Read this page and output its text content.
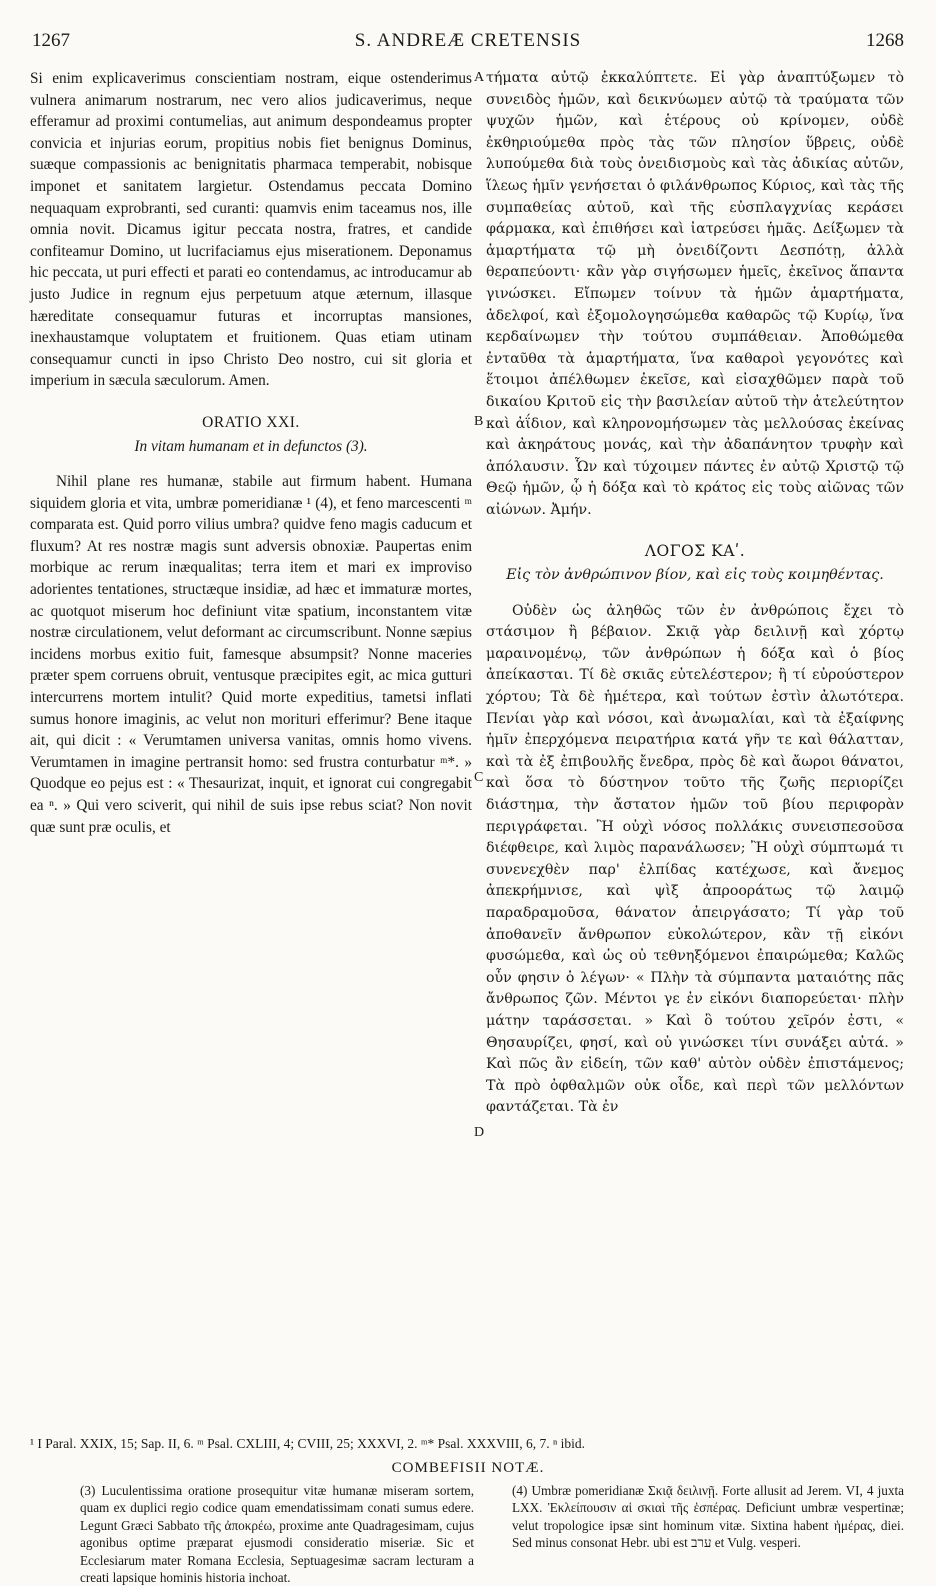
1267	S. ANDREÆ CRETENSIS	1268

Si enim explicaverimus conscientiam nostram, eique ostenderimus vulnera animarum nostrarum, nec vero alios judicaverimus, neque efferamur ad proximi contumelias, aut animum despondeamus propter convicia et injurias eorum, propitius nobis fiet benignus Dominus, suæque compassionis ac benignitatis pharmaca temperabit, nobisque imponet et sanitatem largietur. Ostendamus peccata Domino nequaquam exprobranti, sed curanti: quamvis enim taceamus nos, ille omnia novit. Dicamus igitur peccata nostra, fratres, et candide confiteamur Domino, ut lucrifaciamus ejus miserationem. Deponamus hic peccata, ut puri effecti et parati eo contendamus, ac introducamur ab justo Judice in regnum ejus perpetuum atque æternum, illasque hæreditate consequamur futuras et incorruptas mansiones, inexhaustamque voluptatem et fruitionem. Quas etiam utinam consequamur cuncti in ipso Christo Deo nostro, cui sit gloria et imperium in sæcula sæculorum. Amen.

ORATIO XXI.
In vitam humanam et in defunctos (3).

Nihil plane res humanæ, stabile aut firmum habent. Humana siquidem gloria et vita, umbræ pomeridianæ ¹ (4), et feno marcescenti ᵐ comparata est. Quid porro vilius umbra? quidve feno magis caducum et fluxum? At res nostræ magis sunt adversis obnoxiæ. Paupertas enim morbique ac rerum inæqualitas; terra item et mari ex improviso adorientes tentationes, structæque insidiæ, ad hæc et immaturæ mortes, ac quotquot miserum hoc definiunt vitæ spatium, inconstantem vitæ nostræ circulationem, velut deformant ac circumscribunt. Nonne sæpius incidens morbus exitio fuit, famesque absumpsit? Nonne maceries præter spem corruens obruit, ventusque præcipites egit, ac mica gutturi intercurrens mortem intulit? Quid morte expeditius, tametsi inflati sumus honore imaginis, ac velut non morituri efferimur? Bene itaque ait, qui dicit : « Verumtamen universa vanitas, omnis homo vivens. Verumtamen in imagine pertransit homo: sed frustra conturbatur ᵐ*. » Quodque eo pejus est : « Thesaurizat, inquit, et ignorat cui congregabit ea ⁿ. » Qui vero sciverit, qui nihil de suis ipse rebus sciat? Non novit quæ sunt præ oculis, et

A
B
C
D

τήματα αὐτῷ ἐκκαλύπτετε. Εἰ γὰρ ἀναπτύξωμεν τὸ συνειδὸς ἡμῶν, καὶ δεικνύωμεν αὐτῷ τὰ τραύματα τῶν ψυχῶν ἡμῶν, καὶ ἑτέρους οὐ κρίνομεν, οὐδὲ ἐκθηριούμεθα πρὸς τὰς τῶν πλησίον ὕβρεις, οὐδὲ λυπούμεθα διὰ τοὺς ὀνειδισμοὺς καὶ τὰς ἀδικίας αὐτῶν, ἵλεως ἡμῖν γενήσεται ὁ φιλάνθρωπος Κύριος, καὶ τὰς τῆς συμπαθείας αὐτοῦ, καὶ τῆς εὐσπλαγχνίας κεράσει φάρμακα, καὶ ἐπιθήσει καὶ ἰατρεύσει ἡμᾶς. Δείξωμεν τὰ ἁμαρτήματα τῷ μὴ ὀνειδίζοντι Δεσπότῃ, ἀλλὰ θεραπεύοντι· κἂν γὰρ σιγήσωμεν ἡμεῖς, ἐκεῖνος ἅπαντα γινώσκει. Εἴπωμεν τοίνυν τὰ ἡμῶν ἁμαρτήματα, ἀδελφοί, καὶ ἐξομολογησώμεθα καθαρῶς τῷ Κυρίῳ, ἵνα κερδαίνωμεν τὴν τούτου συμπάθειαν. Ἀποθώμεθα ἐνταῦθα τὰ ἁμαρτήματα, ἵνα καθαροὶ γεγονότες καὶ ἕτοιμοι ἀπέλθωμεν ἐκεῖσε, καὶ εἰσαχθῶμεν παρὰ τοῦ δικαίου Κριτοῦ εἰς τὴν βασιλείαν αὐτοῦ τὴν ἀτελεύτητον καὶ ἀΐδιον, καὶ κληρονομήσωμεν τὰς μελλούσας ἐκείνας καὶ ἀκηράτους μονάς, καὶ τὴν ἀδαπάνητον τρυφὴν καὶ ἀπόλαυσιν. Ὧν καὶ τύχοιμεν πάντες ἐν αὐτῷ Χριστῷ τῷ Θεῷ ἡμῶν, ᾧ ἡ δόξα καὶ τὸ κράτος εἰς τοὺς αἰῶνας τῶν αἰώνων. Ἀμήν.

ΛΟΓΟΣ ΚΑʹ.
Εἰς τὸν ἀνθρώπινον βίον, καὶ εἰς τοὺς κοιμηθέντας.

Οὐδὲν ὡς ἀληθῶς τῶν ἐν ἀνθρώποις ἔχει τὸ στάσιμον ἢ βέβαιον. Σκιᾷ γὰρ δειλινῇ καὶ χόρτῳ μαραινομένῳ, τῶν ἀνθρώπων ἡ δόξα καὶ ὁ βίος ἀπείκασται. Τί δὲ σκιᾶς εὐτελέστερον; ἢ τί εὐρούστερον χόρτου; Τὰ δὲ ἡμέτερα, καὶ τούτων ἐστὶν ἀλωτότερα. Πενίαι γὰρ καὶ νόσοι, καὶ ἀνωμαλίαι, καὶ τὰ ἐξαίφνης ἡμῖν ἐπερχόμενα πειρατήρια κατά γῆν τε καὶ θάλατταν, καὶ τὰ ἐξ ἐπιβουλῆς ἔνεδρα, πρὸς δὲ καὶ ἄωροι θάνατοι, καὶ ὅσα τὸ δύστηνον τοῦτο τῆς ζωῆς περιορίζει διάστημα, τὴν ἄστατον ἡμῶν τοῦ βίου περιφορὰν περιγράφεται. Ἢ οὐχὶ νόσος πολλάκις συνεισπεσοῦσα διέφθειρε, καὶ λιμὸς παρανάλωσεν; Ἢ οὐχὶ σύμπτωμά τι συνενεχθὲν παρ' ἐλπίδας κατέχωσε, καὶ ἄνεμος ἀπεκρήμνισε, καὶ ψὶξ ἀπροοράτως τῷ λαιμῷ παραδραμοῦσα, θάνατον ἀπειργάσατο; Τί γὰρ τοῦ ἀποθανεῖν ἄνθρωπον εὐκολώτερον, κἂν τῇ εἰκόνι φυσώμεθα, καὶ ὡς οὐ τεθνηξόμενοι ἐπαιρώμεθα; Καλῶς οὖν φησιν ὁ λέγων· « Πλὴν τὰ σύμπαντα ματαιότης πᾶς ἄνθρωπος ζῶν. Μέντοι γε ἐν εἰκόνι διαπορεύεται· πλὴν μάτην ταράσσεται. » Καὶ ὃ τούτου χεῖρόν ἐστι, « Θησαυρίζει, φησί, καὶ οὐ γινώσκει τίνι συνάξει αὐτά. » Καὶ πῶς ἂν εἰδείη, τῶν καθ' αὐτὸν οὐδὲν ἐπιστάμενος; Τὰ πρὸ ὀφθαλμῶν οὐκ οἶδε, καὶ περὶ τῶν μελλόντων φαντάζεται. Τὰ ἐν

¹ I Paral. XXIX, 15; Sap. II, 6. ᵐ Psal. CXLIII, 4; CVIII, 25; XXXVI, 2. ᵐ* Psal. XXXVIII, 6, 7. ⁿ ibid.
COMBEFISII NOTÆ.
(3) Luculentissima oratione prosequitur vitæ humanæ miseram sortem, quam ex duplici regio codice quam emendatissimam conati sumus edere. Legunt Græci Sabbato τῆς ἀποκρέω, proxime ante Quadragesimam, cujus agonibus optime præparat ejusmodi consideratio miseriæ. Sic et Ecclesiarum mater Romana Ecclesia, Septuagesimæ sacram lecturam a creati lapsique hominis historia inchoat.
(4) Umbræ pomeridianæ Σκιᾷ δειλινῇ. Forte allusit ad Jerem. VI, 4 juxta LXX. Ἐκλείπουσιν αἱ σκιαὶ τῆς ἑσπέρας. Deficiunt umbræ vespertinæ; velut tropologice ipsæ sint hominum vitæ. Sixtina habent ἡμέρας, diei. Sed minus consonat Hebr. ubi est ערב et Vulg. vesperi.
